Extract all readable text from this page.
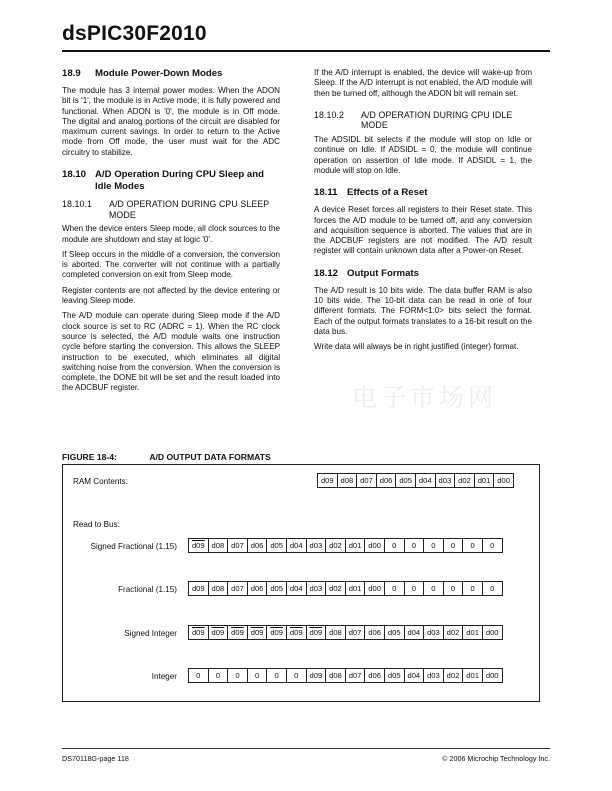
dsPIC30F2010
电子市场网
18.9	Module Power-Down Modes

The module has 3 internal power modes. When the ADON bit is '1', the module is in Active mode; it is fully powered and functional. When ADON is '0', the module is in Off mode. The digital and analog portions of the circuit are disabled for maximum current savings. In order to return to the Active mode from Off mode, the user must wait for the ADC circuitry to stabilize.

18.10 A/D Operation During CPU Sleep and Idle Modes
18.10.1	A/D OPERATION DURING CPU SLEEP MODE

When the device enters Sleep mode, all clock sources to the module are shutdown and stay at logic '0'.

If Sleep occurs in the middle of a conversion, the conversion is aborted. The converter will not continue with a partially completed conversion on exit from Sleep mode.

Register contents are not affected by the device entering or leaving Sleep mode.

The A/D module can operate during Sleep mode if the A/D clock source is set to RC (ADRC = 1). When the RC clock source is selected, the A/D module waits one instruction cycle before starting the conversion. This allows the SLEEP instruction to be executed, which eliminates all digital switching noise from the conversion. When the conversion is complete, the DONE bit will be set and the result loaded into the ADCBUF register.

If the A/D interrupt is enabled, the device will wake-up from Sleep. If the A/D interrupt is not enabled, the A/D module will then be turned off, although the ADON bit will remain set.

18.10.2	A/D OPERATION DURING CPU IDLE MODE

The ADSIDL bit selects if the module will stop on Idle or continue on Idle. If ADSIDL = 0, the module will continue operation on assertion of Idle mode. If ADSIDL = 1, the module will stop on Idle.

18.11 Effects of a Reset

A device Reset forces all registers to their Reset state. This forces the A/D module to be turned off, and any conversion and acquisition sequence is aborted. The values that are in the ADCBUF registers are not modified. The A/D result register will contain unknown data after a Power-on Reset.

18.12 Output Formats

The A/D result is 10 bits wide. The data buffer RAM is also 10 bits wide. The 10-bit data can be read in one of four different formats. The FORM<1:0> bits select the format. Each of the output formats translates to a 16-bit result on the data bus.

Write data will always be in right justified (integer) format.

FIGURE 18-4:	A/D OUTPUT DATA FORMATS
RAM Contents:	d09 d08 d07 d06 d05 d04 d03 d02 d01 d00
Read to Bus:
Signed Fractional (1.15)	d09 d08 d07 d06 d05 d04 d03 d02 d01 d00	0	0	0	0	0	0
Fractional (1.15)	d09 d08 d07 d06 d05 d04 d03 d02 d01 d00	0	0	0	0	0	0
Signed Integer	d09 d09 d09 d09 d09 d09 d09 d08 d07 d06 d05 d04 d03 d02 d01 d00
Integer	0	0	0	0	0	0	d09 d08 d07 d06 d05 d04 d03 d02 d01 d00
DS70118G-page 118	© 2006 Microchip Technology Inc.
